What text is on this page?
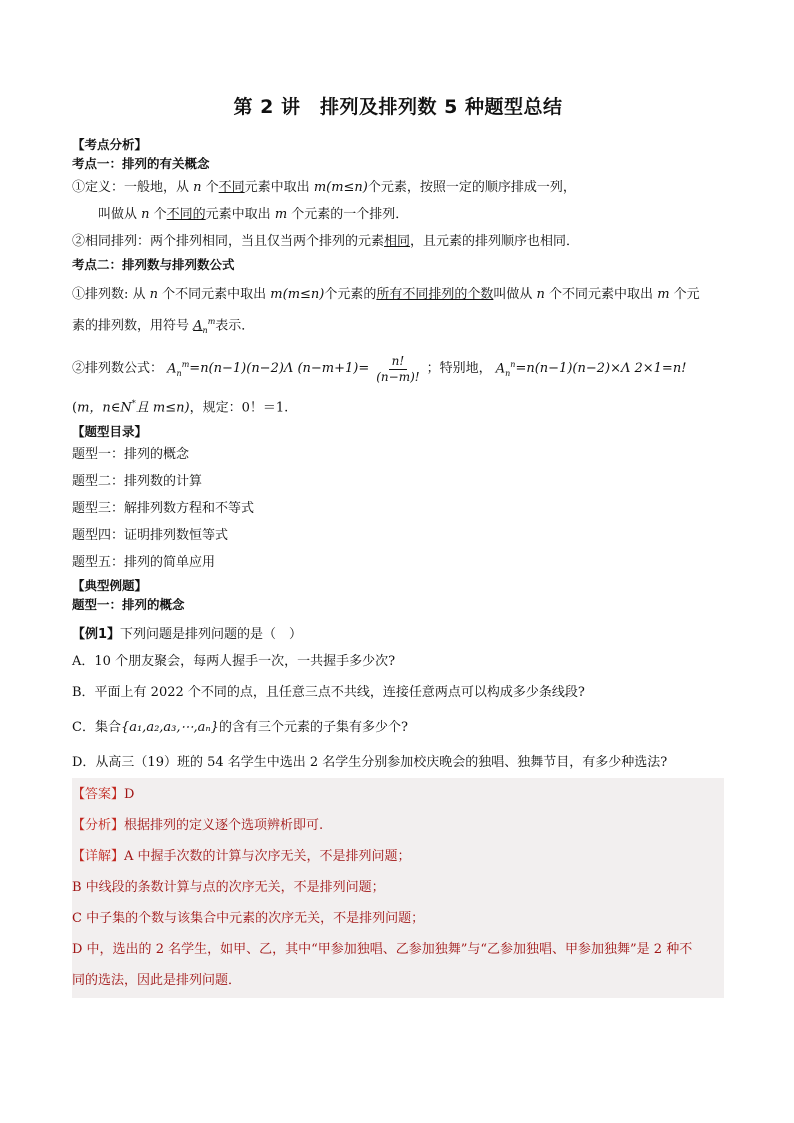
第 2 讲　排列及排列数 5 种题型总结
【考点分析】
考点一：排列的有关概念
①定义：一般地，从 n 个不同元素中取出 m(m≤n)个元素，按照一定的顺序排成一列，
叫做从 n 个不同的元素中取出 m 个元素的一个排列．
②相同排列：两个排列相同，当且仅当两个排列的元素相同，且元素的排列顺序也相同．
考点二：排列数与排列数公式
①排列数: 从 n 个不同元素中取出 m(m≤n)个元素的所有不同排列的个数叫做从 n 个不同元素中取出 m 个元
素的排列数，用符号 $A_n^m$表示．
②排列数公式： $A_n^m =n(n-1)(n-2)\Lambda$ $(n-m+1)= \frac{n!}{(n-m)!}$ ；特别地， $A_n^n =n(n-1)(n-2)\times\Lambda$ 2×1=n!
(m，n∈N*且 m≤n)，规定：0！＝1.
【题型目录】
题型一：排列的概念
题型二：排列数的计算
题型三：解排列数方程和不等式
题型四：证明排列数恒等式
题型五：排列的简单应用
【典型例题】
题型一：排列的概念
【例1】下列问题是排列问题的是（　）
A．10 个朋友聚会，每两人握手一次，一共握手多少次?
B．平面上有 2022 个不同的点，且任意三点不共线，连接任意两点可以构成多少条线段?
C．集合{a₁,a₂,a₃,⋯,aₙ}的含有三个元素的子集有多少个?
D．从高三（19）班的 54 名学生中选出 2 名学生分别参加校庆晚会的独唱、独舞节目，有多少种选法?
【答案】D
【分析】根据排列的定义逐个选项辨析即可.
【详解】A 中握手次数的计算与次序无关，不是排列问题；
B 中线段的条数计算与点的次序无关，不是排列问题；
C 中子集的个数与该集合中元素的次序无关，不是排列问题；
D 中，选出的 2 名学生，如甲、乙，其中“甲参加独唱、乙参加独舞”与“乙参加独唱、甲参加独舞”是 2 种不
同的选法，因此是排列问题．
